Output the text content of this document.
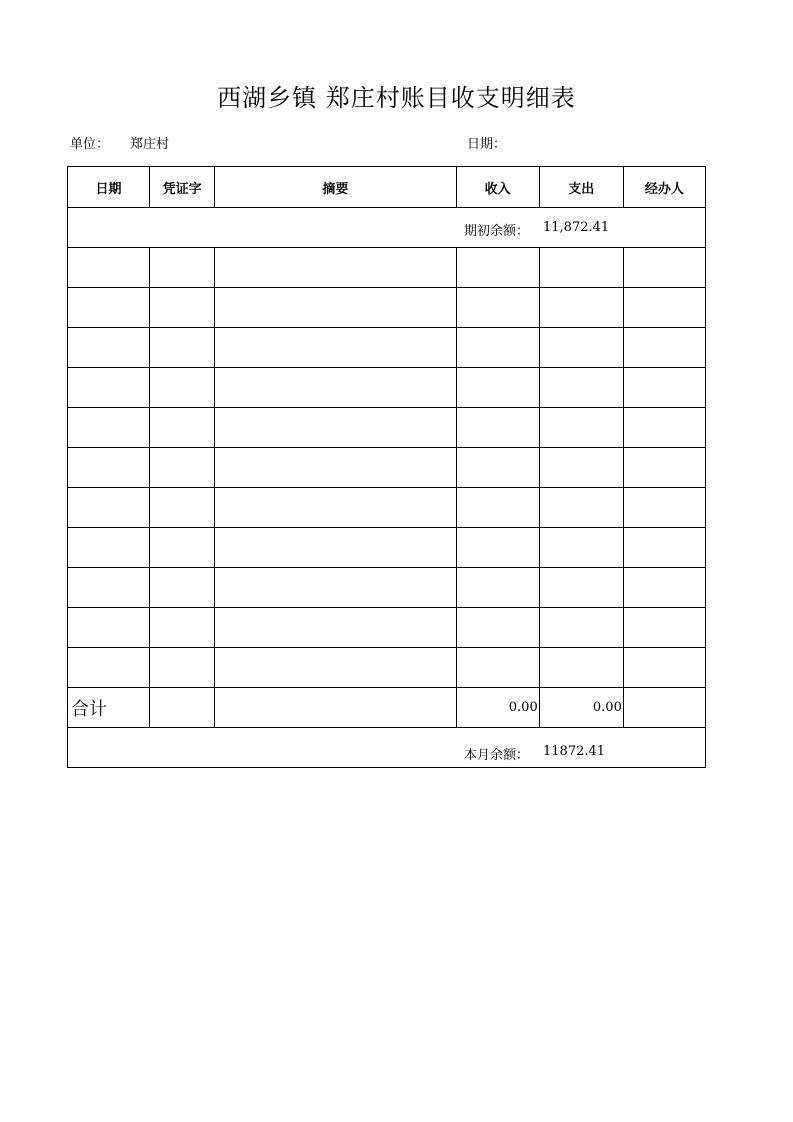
西湖乡镇 郑庄村账目收支明细表
单位： 郑庄村	日期：
日期	凭证字	摘要	收入	支出	经办人

期初余额： 11,872.41					

合计			0.00	0.00	

本月余额： 11872.41					
